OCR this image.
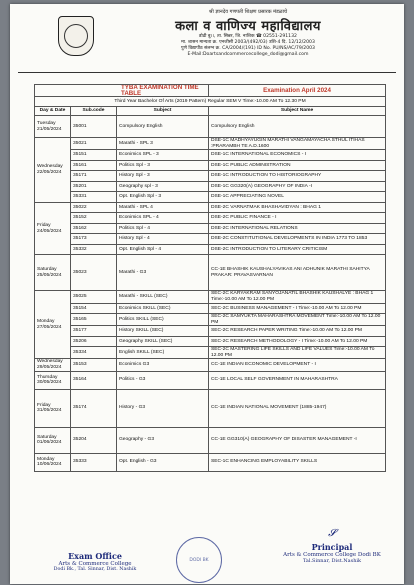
श्री ज्ञानदेव गणपती शिक्षण प्रसारक मंडळाचे
कला व वाणिज्य महाविद्यालय
डोढी बु।।, ता. सिन्नर, जि. नाशिक ☎ 02551-291132
मा. शासन मान्यता क्र. एनजीसी 2003/(492/03) उशि-4 दि. 12/12/2003
पुणे विद्यापीठ संलग्न क्र. CA/2004/(191) ID No. PU/NS/AC/79/2003
E-Mail:Doartsandcommercecollege_dodi@gmail.com
TYBA EXAMINATION TIME TABLE			Examination April 2024
Third Year Bachelor Of Arts (2019 Pattern) Regular SEM V Time:-10.00 AM To 12.30 PM			
Day & Date	Sub.code	Subject	Subject Name
Tuesday 21/05/2024	35001	Compulsory English	Compulsory English
Wednesday 22/05/2024	35021	Marathi - SPL 3	DSE-1C MADHYAYUGIN MARATHI VANGAMAYACHA STHUL ITIHAS :PRARAMBH TE A.D.1600
	35151	Econimics SPL - 3	DSE-1C INTERNATIONAL ECONOMICS - I
	35161	Politics Spl - 3	DSE-1C PUBLIC ADMINISTRATION
	35171	History Spl - 3	DSE-1C INTRODUCTION TO HISTORIOGRAPHY
	35201	Geography spl - 3	DSE-1C GG320(A) GEOGRAPHY OF INDIA -I
	35331	Opt. English Spl - 3	DSE-1C APPRECIATING NOVEL
Friday 24/05/2024	35022	Marathi - SPL 4	DSE-2C VARNATMAK BHASHAVIDYAN : BHAG 1
	35152	Econimics SPL - 4	DSE-2C PUBLIC FINANCE - I
	35162	Politics Spl - 4	DSE-2C INTERNATIONAL RELATIONS
	35173	History Spl - 4	DSE-2C CONSTITUTIONAL DEVELOPMENTS IN INDIA 1773 TO 1853
	35332	Opt. English Spl - 4	DSE-2C INTRODUCTION TO LITERARY CRITICISM
Saturday 25/05/2024	35023	Marathi - G3	CC-1E BHASHIK KAUSHALYAVIKAS ANI ADHUNIK MARATHI SAHITYA PRAKAR: PRAVASVARNAN
Monday 27/05/2024	35025	Marathi - SKILL (SEC)	SEC-2C KARYAKRAM SANYOJANATIL BHASHIK KAUSHALYE : BHAG 1 Time:-10.00 AM To 12.00 PM
	35154	Econimics SKILL (SEC)	SEC-2C BUSINESS MANAGEMENT - I Time:-10.00 AM To 12.00 PM
	35165	Politics SKILL (SEC)	SEC-2C SAMYUKTA MAHARASHTRA MOVEMENT Time:-10.00 AM To 12.00 PM
	35177	History SKILL (SEC)	SEC-2C RESEARCH PAPER WRITING Time:-10.00 AM To 12.00 PM
	35206	Geography SKILL (SEC)	SEC-2C RESEARCH METHODOLOGY - I Time:-10.00 AM To 12.00 PM
	35334	English SKILL (SEC)	SEC-2C MASTERING LIFE SKILLS AND LIFE VALUES Time:-10.00 AM To 12.00 PM
Wednesday 29/05/2024	35153	Econimics G3	CC-1E INDIAN ECONOMIC DEVELOPMENT - I
Thursday 30/05/2024	35164	Politics - G3	CC-1E LOCAL SELF GOVERNMENT IN MAHARASHTRA
Friday 31/05/2024	35174	History - G3	CC-1E INDIAN NATIONAL MOVEMENT (1885-1947)
Saturday 01/06/2024	35204	Geography - G3	CC-1E GG310(A) GEOGRAPHY OF DISASTER MANAGEMENT -I
Monday 10/06/2024	35333	Opt. English - G3	SEC-1C ENHANCING EMPLOYABILITY SKILLS
DODI BK
Exam Office
Arts & Commerce College
Dodi Bk., Tal. Sinnar, Dist. Nashik
𝓢
Principal
Arts & Commerce College Dodi BK
Tal.Sinnar, Dist.Nashik
